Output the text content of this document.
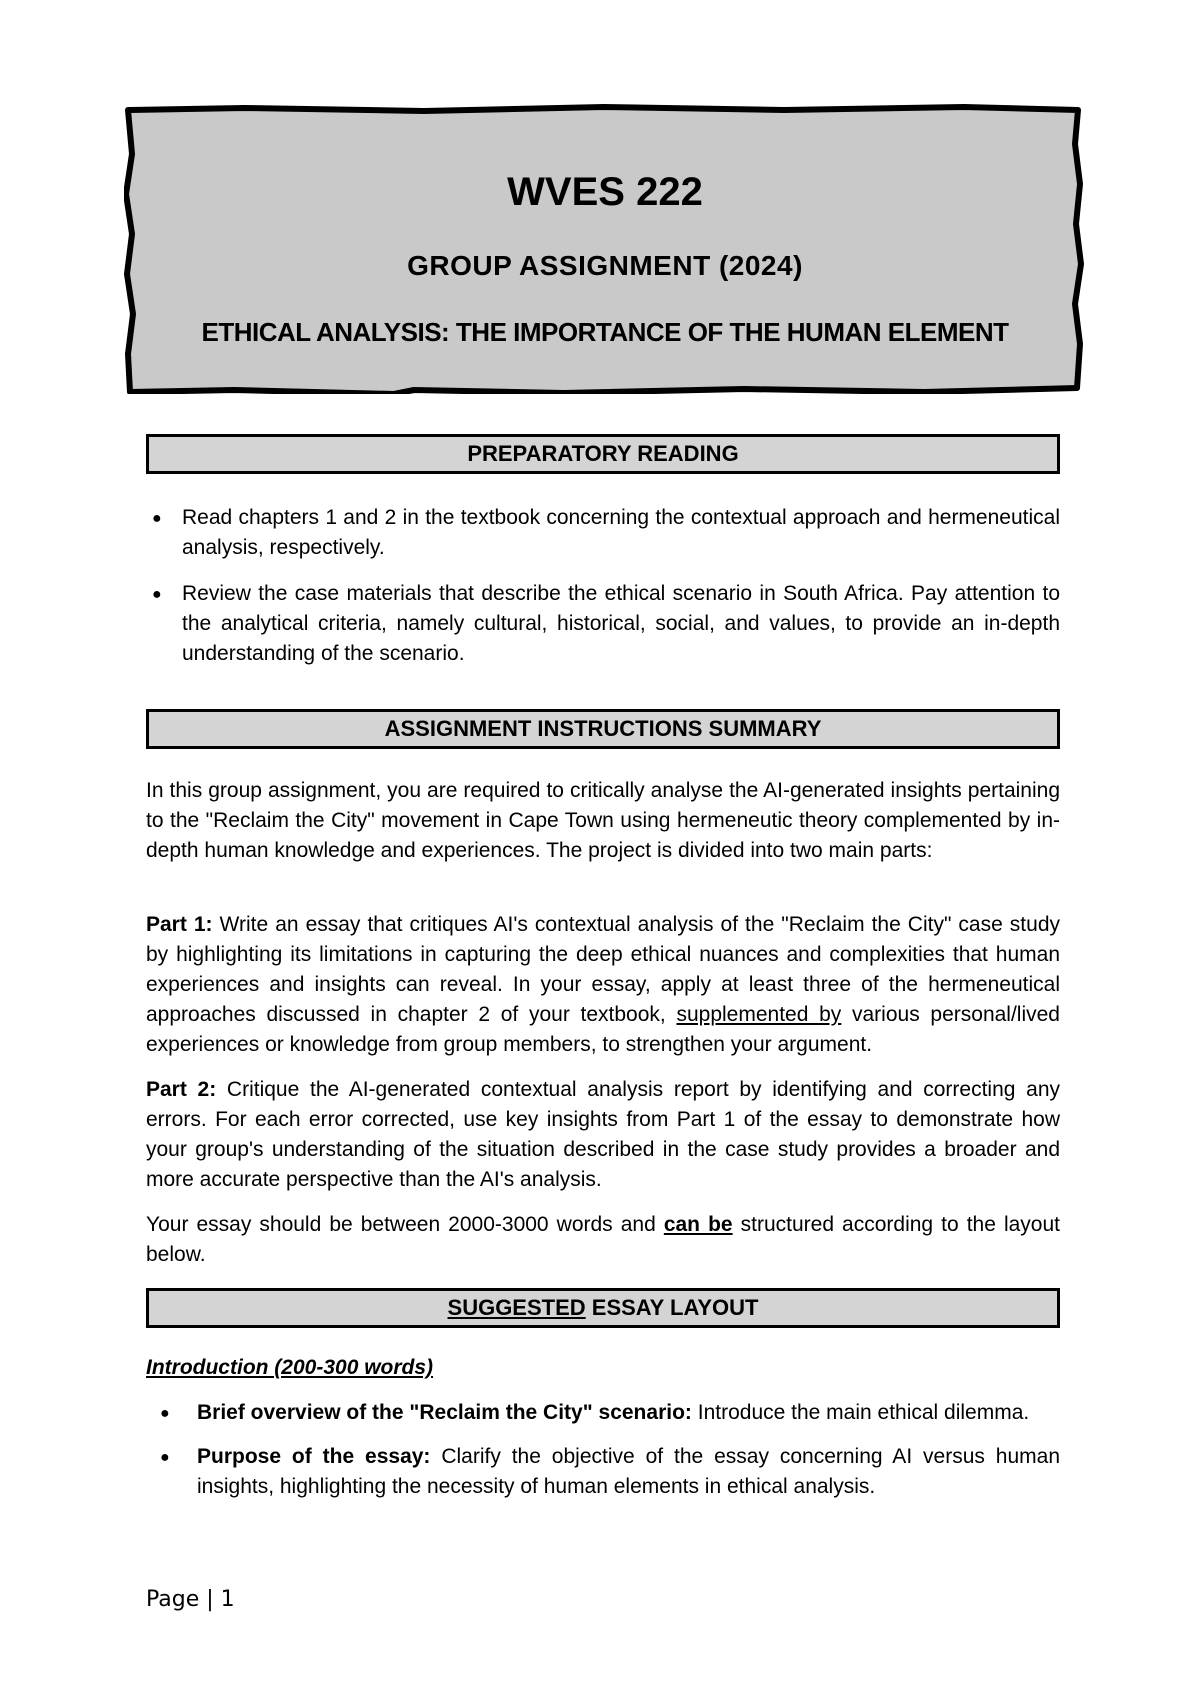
WVES 222
GROUP ASSIGNMENT (2024)
ETHICAL ANALYSIS: THE IMPORTANCE OF THE HUMAN ELEMENT
PREPARATORY READING
● Read chapters 1 and 2 in the textbook concerning the contextual approach and hermeneutical analysis, respectively.
● Review the case materials that describe the ethical scenario in South Africa. Pay attention to the analytical criteria, namely cultural, historical, social, and values, to provide an in-depth understanding of the scenario.
ASSIGNMENT INSTRUCTIONS SUMMARY

In this group assignment, you are required to critically analyse the AI-generated insights pertaining to the "Reclaim the City" movement in Cape Town using hermeneutic theory complemented by in-depth human knowledge and experiences. The project is divided into two main parts:

Part 1: Write an essay that critiques AI's contextual analysis of the "Reclaim the City" case study by highlighting its limitations in capturing the deep ethical nuances and complexities that human experiences and insights can reveal. In your essay, apply at least three of the hermeneutical approaches discussed in chapter 2 of your textbook, supplemented by various personal/lived experiences or knowledge from group members, to strengthen your argument.

Part 2: Critique the AI-generated contextual analysis report by identifying and correcting any errors. For each error corrected, use key insights from Part 1 of the essay to demonstrate how your group's understanding of the situation described in the case study provides a broader and more accurate perspective than the AI's analysis.

Your essay should be between 2000-3000 words and can be structured according to the layout below.

SUGGESTED ESSAY LAYOUT
Introduction (200-300 words)
● Brief overview of the "Reclaim the City" scenario: Introduce the main ethical dilemma.
● Purpose of the essay: Clarify the objective of the essay concerning AI versus human insights, highlighting the necessity of human elements in ethical analysis.
Page | 1
